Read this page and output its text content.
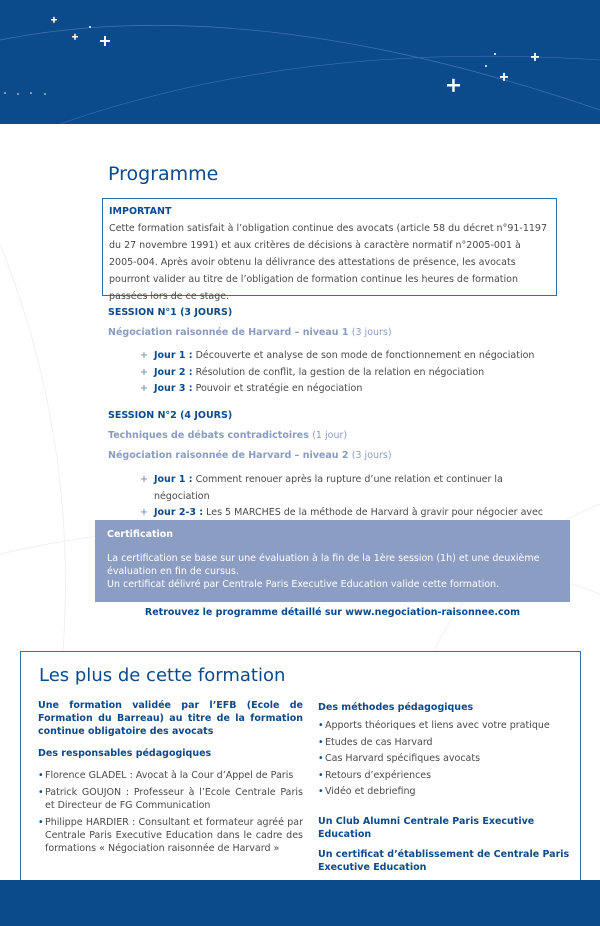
Programme
IMPORTANT
Cette formation satisfait à l’obligation continue des avocats (article 58 du décret n°91-1197 du 27 novembre 1991) et aux critères de décisions à caractère normatif n°2005-001 à 2005-004. Après avoir obtenu la délivrance des attestations de présence, les avocats pourront valider au titre de l’obligation de formation continue les heures de formation passées lors de ce stage.
SESSION N°1 (3 JOURS)
Négociation raisonnée de Harvard – niveau 1 (3 jours)
+ Jour 1 : Découverte et analyse de son mode de fonctionnement en négociation
+ Jour 2 : Résolution de conflit, la gestion de la relation en négociation
+ Jour 3 : Pouvoir et stratégie en négociation
SESSION N°2 (4 JOURS)
Techniques de débats contradictoires (1 jour)
Négociation raisonnée de Harvard – niveau 2 (3 jours)
+ Jour 1 : Comment renouer après la rupture d’une relation et continuer la négociation
+ Jour 2-3 : Les 5 MARCHES de la méthode de Harvard à gravir pour négocier avec
Certification
La certification se base sur une évaluation à la fin de la 1ère session (1h) et une deuxième évaluation en fin de cursus.
Un certificat délivré par Centrale Paris Executive Education valide cette formation.
Retrouvez le programme détaillé sur www.negociation-raisonnee.com
Les plus de cette formation
Une formation validée par l’EFB (Ecole de Formation du Barreau) au titre de la formation continue obligatoire des avocats
Des responsables pédagogiques
• Florence GLADEL : Avocat à la Cour d’Appel de Paris
• Patrick GOUJON : Professeur à l’Ecole Centrale Paris et Directeur de FG Communication
• Philippe HARDIER : Consultant et formateur agréé par Centrale Paris Executive Education dans le cadre des formations « Négociation raisonnée de Harvard »
Des méthodes pédagogiques
• Apports théoriques et liens avec votre pratique
• Etudes de cas Harvard
• Cas Harvard spécifiques avocats
• Retours d’expériences
• Vidéo et debriefing
Un Club Alumni Centrale Paris Executive Education
Un certificat d’établissement de Centrale Paris Executive Education
